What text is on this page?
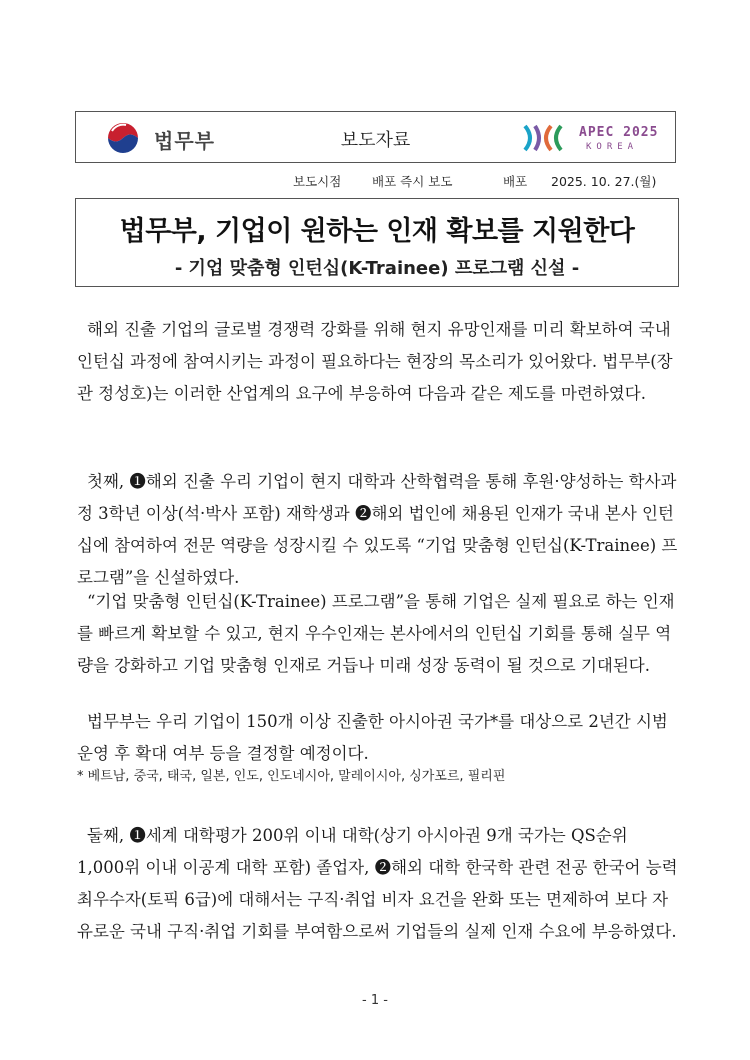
법무부	보도자료	APEC 2025
KOREA
보도시점 배포 즉시 보도	배포 2025. 10. 27.(월)
법무부, 기업이 원하는 인재 확보를 지원한다
- 기업 맞춤형 인턴십(K-Trainee) 프로그램 신설 -

해외 진출 기업의 글로벌 경쟁력 강화를 위해 현지 유망인재를 미리 확보하여 국내 인턴십 과정에 참여시키는 과정이 필요하다는 현장의 목소리가 있어왔다. 법무부(장관 정성호)는 이러한 산업계의 요구에 부응하여 다음과 같은 제도를 마련하였다.

첫째, ❶해외 진출 우리 기업이 현지 대학과 산학협력을 통해 후원·양성하는 학사과정 3학년 이상(석·박사 포함) 재학생과 ❷해외 법인에 채용된 인재가 국내 본사 인턴십에 참여하여 전문 역량을 성장시킬 수 있도록 “기업 맞춤형 인턴십(K-Trainee) 프로그램”을 신설하였다.

“기업 맞춤형 인턴십(K-Trainee) 프로그램”을 통해 기업은 실제 필요로 하는 인재를 빠르게 확보할 수 있고, 현지 우수인재는 본사에서의 인턴십 기회를 통해 실무 역량을 강화하고 기업 맞춤형 인재로 거듭나 미래 성장 동력이 될 것으로 기대된다.

법무부는 우리 기업이 150개 이상 진출한 아시아권 국가*를 대상으로 2년간 시범 운영 후 확대 여부 등을 결정할 예정이다.

* 베트남, 중국, 태국, 일본, 인도, 인도네시아, 말레이시아, 싱가포르, 필리핀

둘째, ❶세계 대학평가 200위 이내 대학(상기 아시아권 9개 국가는 QS순위 1,000위 이내 이공계 대학 포함) 졸업자, ❷해외 대학 한국학 관련 전공 한국어 능력 최우수자(토픽 6급)에 대해서는 구직·취업 비자 요건을 완화 또는 면제하여 보다 자유로운 국내 구직·취업 기회를 부여함으로써 기업들의 실제 인재 수요에 부응하였다.

- 1 -
